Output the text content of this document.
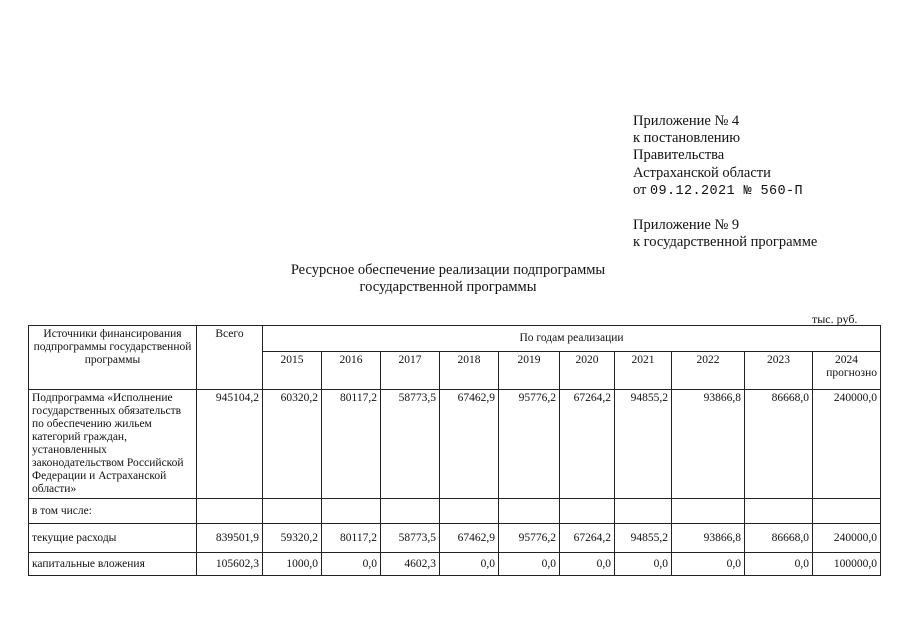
Приложение № 4
к постановлению
Правительства
Астраханской области
от 09.12.2021 № 560-П
Приложение № 9
к государственной программе
Ресурсное обеспечение реализации подпрограммы
государственной программы
тыс. руб.
Источники финансирования подпрограммы государственной программы	Всего	По годам реализации									
		2015	2016	2017	2018	2019	2020	2021	2022	2023	2024
прогнозно

Подпрограмма «Исполнение государственных обязательств по обеспечению жильем категорий граждан, установленных законодательством Российской Федерации и Астраханской области»	945104,2	60320,2	80117,2	58773,5	67462,9	95776,2	67264,2	94855,2	93866,8	86668,0	240000,0
в том числе:											
текущие расходы	839501,9	59320,2	80117,2	58773,5	67462,9	95776,2	67264,2	94855,2	93866,8	86668,0	240000,0
капитальные вложения	105602,3	1000,0	0,0	4602,3	0,0	0,0	0,0	0,0	0,0	0,0	100000,0
